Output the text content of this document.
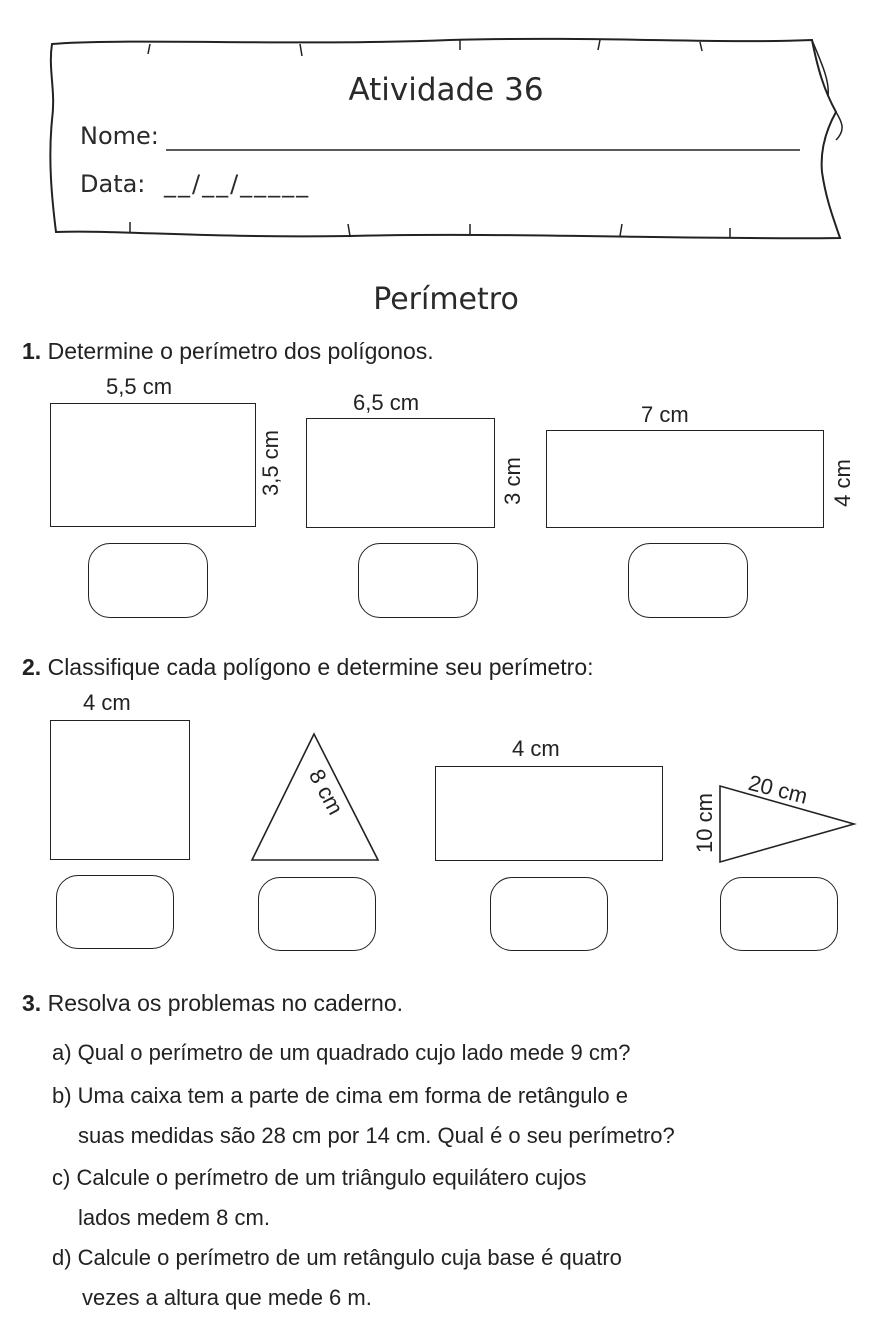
Atividade 36
Nome:
Data: __/__/_____
Perímetro
1. Determine o perímetro dos polígonos.
5,5 cm
3,5 cm
6,5 cm
3 cm
7 cm
4 cm
2. Classifique cada polígono e determine seu perímetro:
4 cm
8 cm
4 cm
20 cm
10 cm
3. Resolva os problemas no caderno.
a) Qual o perímetro de um quadrado cujo lado mede 9 cm?
b) Uma caixa tem a parte de cima em forma de retângulo e
suas medidas são 28 cm por 14 cm. Qual é o seu perímetro?
c) Calcule o perímetro de um triângulo equilátero cujos
lados medem 8 cm.
d) Calcule o perímetro de um retângulo cuja base é quatro
vezes a altura que mede 6 m.
